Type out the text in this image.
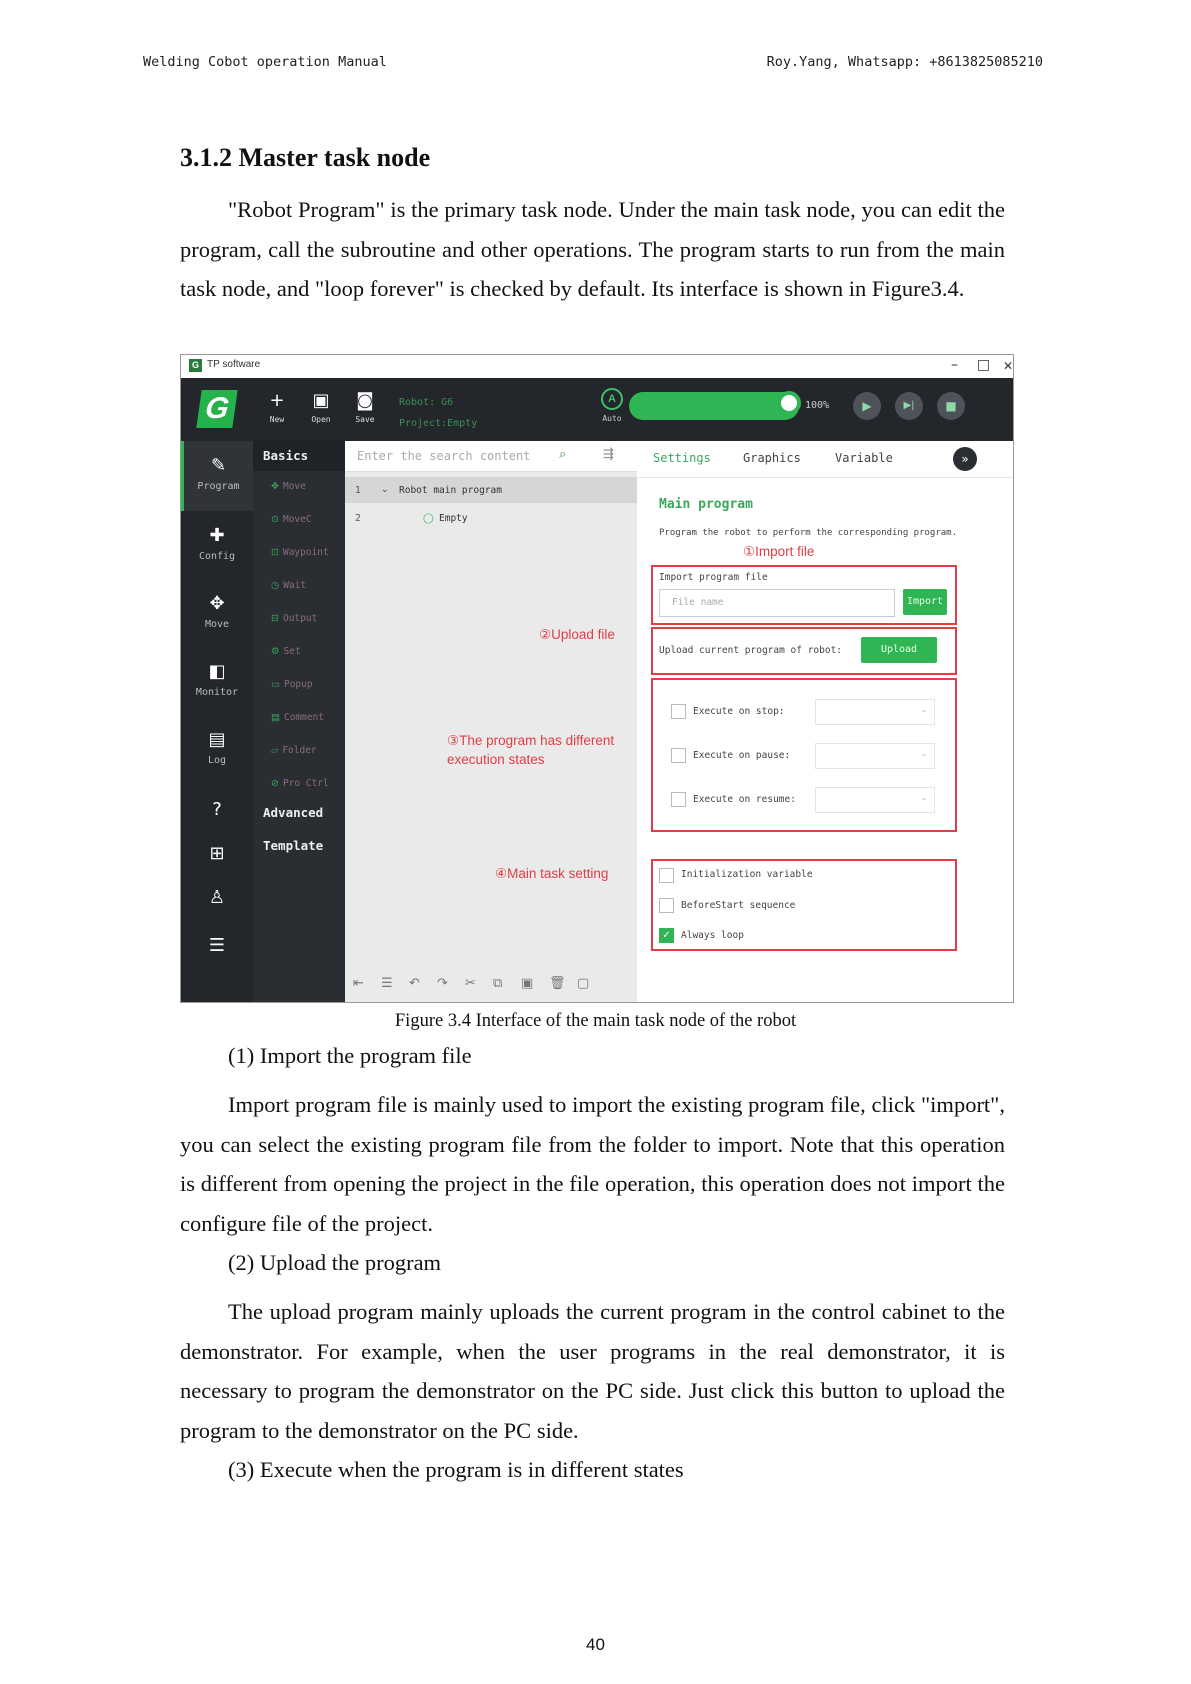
Welding Cobot operation Manual	Roy.Yang, Whatsapp: +8613825085210
3.1.2 Master task node
"Robot Program" is the primary task node. Under the main task node, you can edit the program, call the subroutine and other operations. The program starts to run from the main task node, and "loop forever" is checked by default. Its interface is shown in Figure3.4.
G TP software	– □ ✕
G	+
New
▣
Open
◙
Save
Robot: G6
Project:Empty
A
Auto
100%	▶	▶|	■
✎
Program
✚
Config
✥
Move
◧
Monitor
▤
Log
?
⊞
♙
☰
Basics
✥ Move
⊙ MoveC
⊡ Waypoint
◷ Wait
⊟ Output
⚙ Set
▭ Popup
▤ Comment
▱ Folder
⊘ Pro Ctrl
Advanced
Template
Enter the search content ⌕	⇶
1 ⌄ Robot main program
2	◯ Empty
②Upload file
③The program has different
execution states
④Main task setting
⇤ ☰ ↶ ↷ ✂ ⧉ ▣ 🗑 ▢
Settings	Graphics	Variable	»
Main program
Program the robot to perform the corresponding program.
①Import file
Import program file
File name	Import
Upload current program of robot:	Upload
Execute on stop:	⌄
Execute on pause:	⌄
Execute on resume:	⌄
Initialization variable
BeforeStart sequence
✓	Always loop
Figure 3.4 Interface of the main task node of the robot
(1) Import the program file
Import program file is mainly used to import the existing program file, click "import", you can select the existing program file from the folder to import. Note that this operation is different from opening the project in the file operation, this operation does not import the configure file of the project.
(2) Upload the program
The upload program mainly uploads the current program in the control cabinet to the demonstrator. For example, when the user programs in the real demonstrator, it is necessary to program the demonstrator on the PC side. Just click this button to upload the program to the demonstrator on the PC side.
(3) Execute when the program is in different states
40
